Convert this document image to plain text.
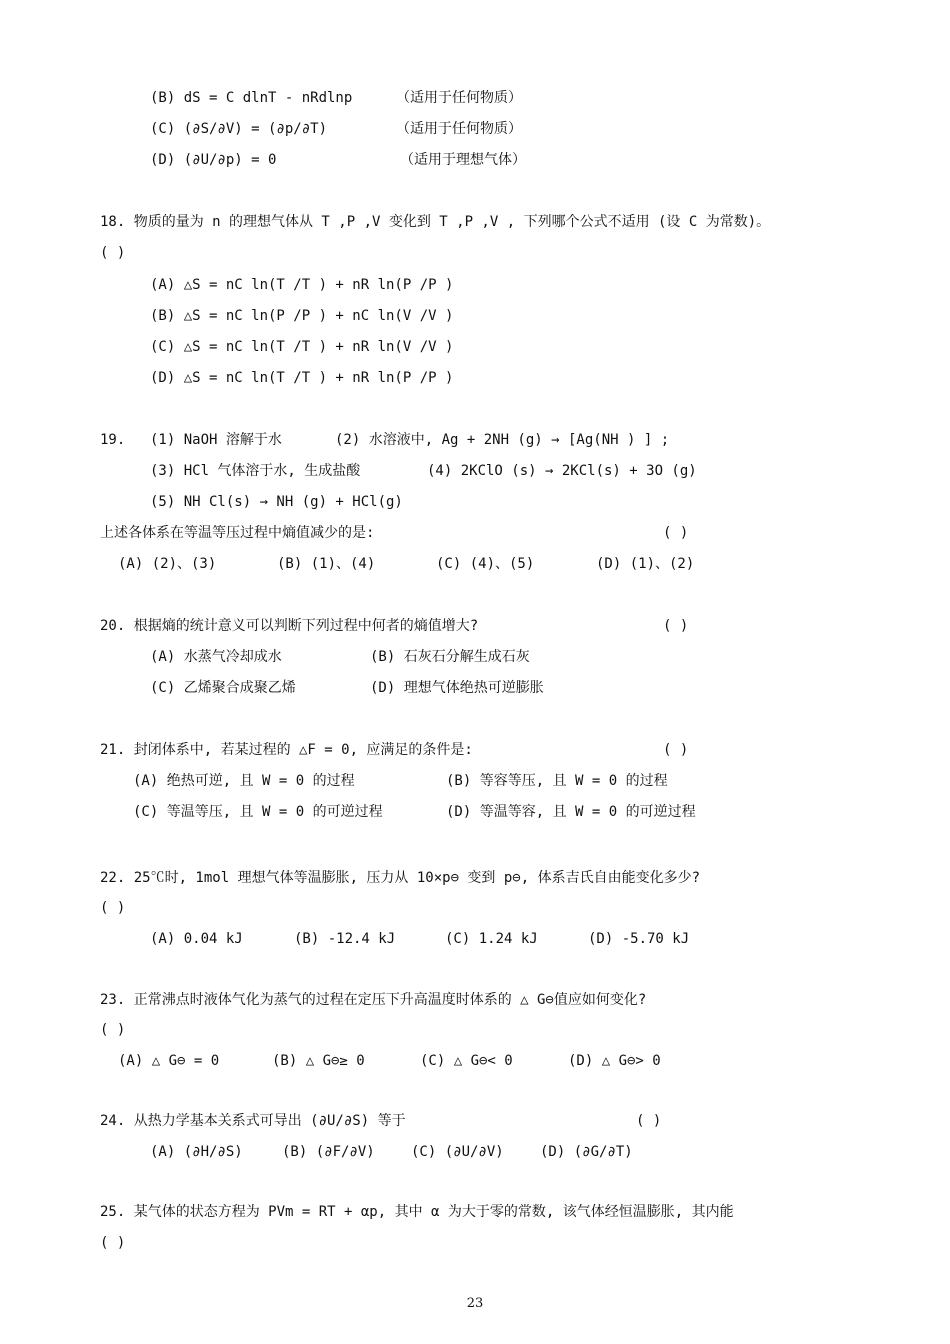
(B) dS = C dlnT - nRdlnp	（适用于任何物质）
(C) (∂S/∂V) = (∂p/∂T)	（适用于任何物质）
(D) (∂U/∂p) = 0	（适用于理想气体）
18. 物质的量为 n 的理想气体从 T ,P ,V 变化到 T ,P ,V , 下列哪个公式不适用 (设 C 为常数)。
( )
(A) △S = nC ln(T /T ) + nR ln(P /P )
(B) △S = nC ln(P /P ) + nC ln(V /V )
(C) △S = nC ln(T /T ) + nR ln(V /V )
(D) △S = nC ln(T /T ) + nR ln(P /P )
19. (1) NaOH 溶解于水	(2) 水溶液中, Ag + 2NH (g) → [Ag(NH ) ] ;
(3) HCl 气体溶于水, 生成盐酸	(4) 2KClO (s) → 2KCl(s) + 3O (g)
(5) NH Cl(s) → NH (g) + HCl(g)
上述各体系在等温等压过程中熵值减少的是:	( )
(A) (2)、(3)	(B) (1)、(4)	(C) (4)、(5)	(D) (1)、(2)
20. 根据熵的统计意义可以判断下列过程中何者的熵值增大?	( )
(A) 水蒸气冷却成水	(B) 石灰石分解生成石灰
(C) 乙烯聚合成聚乙烯	(D) 理想气体绝热可逆膨胀
21. 封闭体系中, 若某过程的 △F = 0, 应满足的条件是:	( )
(A) 绝热可逆, 且 W = 0 的过程	(B) 等容等压, 且 W = 0 的过程
(C) 等温等压, 且 W = 0 的可逆过程	(D) 等温等容, 且 W = 0 的可逆过程
22. 25℃时, 1mol 理想气体等温膨胀, 压力从 10×p⊖ 变到 p⊖, 体系吉氏自由能变化多少?
( )
(A) 0.04 kJ	(B) -12.4 kJ	(C) 1.24 kJ	(D) -5.70 kJ
23. 正常沸点时液体气化为蒸气的过程在定压下升高温度时体系的 △ G⊖值应如何变化?
( )
(A) △ G⊖ = 0	(B) △ G⊖≥ 0	(C) △ G⊖< 0	(D) △ G⊖> 0
24. 从热力学基本关系式可导出 (∂U/∂S) 等于	( )
(A) (∂H/∂S)	(B) (∂F/∂V)	(C) (∂U/∂V)	(D) (∂G/∂T)
25. 某气体的状态方程为 PVm = RT + αp, 其中 α 为大于零的常数, 该气体经恒温膨胀, 其内能
( )
23
